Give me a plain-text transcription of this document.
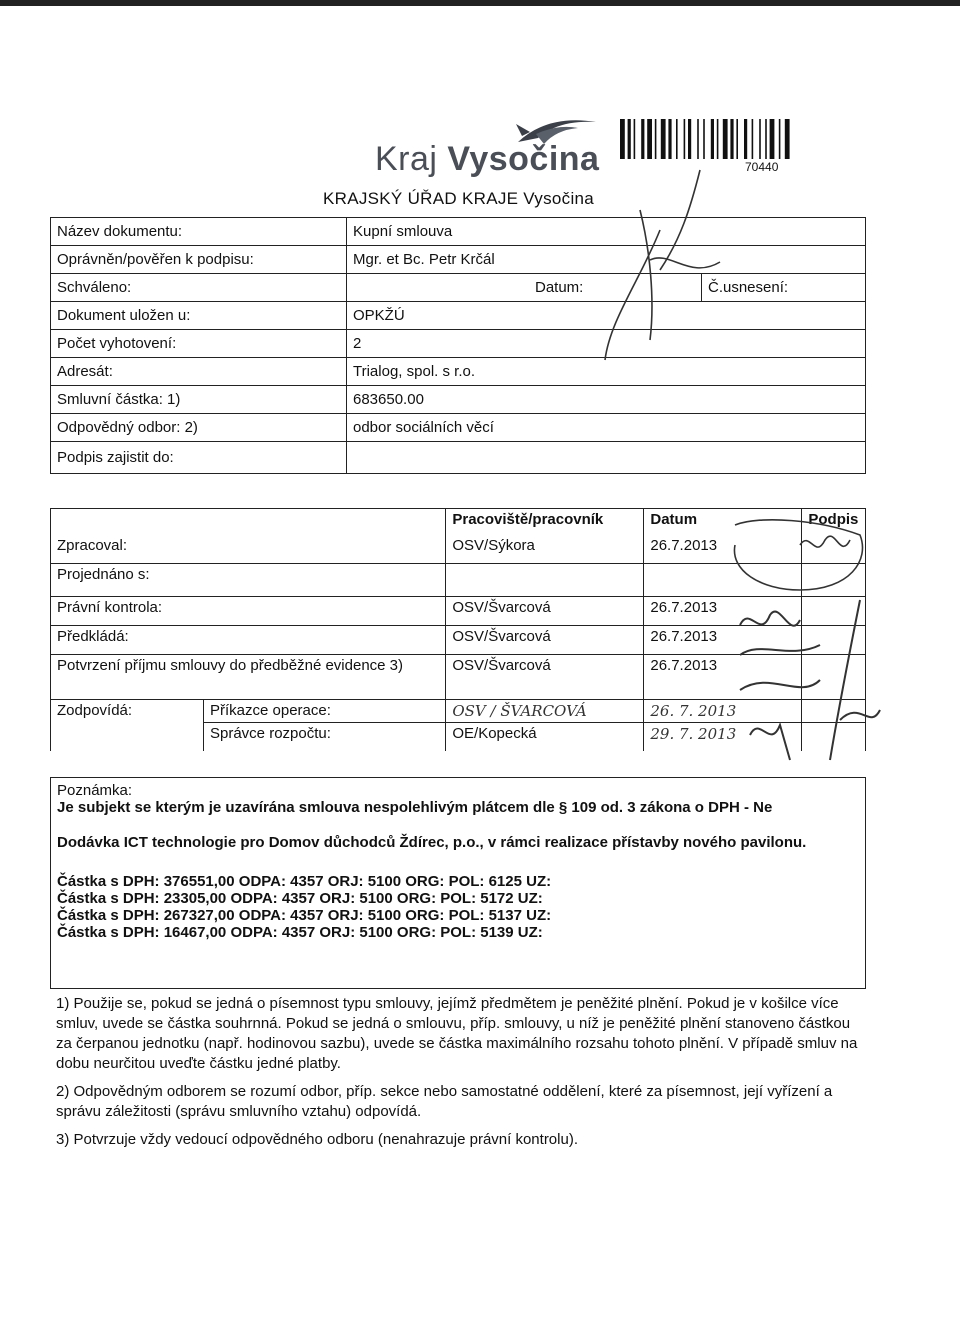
Kraj Vysočina
KRAJSKÝ ÚŘAD KRAJE Vysočina
70440
Název dokumentu:	Kupní smlouva		
Oprávněn/pověřen k podpisu:	Mgr. et Bc. Petr Krčál		
Schváleno:		Datum:	Č.usnesení:
Dokument uložen u:	OPKŽÚ		
Počet vyhotovení:	2		
Adresát:	Trialog, spol. s r.o.		
Smluvní částka: 1)	683650.00		
Odpovědný odbor: 2)	odbor sociálních věcí		
Podpis zajistit do:			
		Pracoviště/pracovník	Datum	Podpis
Zpracoval:		OSV/Sýkora	26.7.2013	
Projednáno s:				
Právní kontrola:		OSV/Švarcová	26.7.2013	
Předkládá:		OSV/Švarcová	26.7.2013	
Potvrzení příjmu smlouvy do předběžné evidence 3)		OSV/Švarcová	26.7.2013	
Zodpovídá:	Příkazce operace:	OSV / ŠVARCOVÁ	26. 7. 2013	
	Správce rozpočtu:	OE/Kopecká	29. 7. 2013	
Poznámka:
Je subjekt se kterým je uzavírána smlouva nespolehlivým plátcem dle § 109 od. 3 zákona o DPH - Ne
Dodávka ICT technologie pro Domov důchodců Ždírec, p.o., v rámci realizace přístavby nového pavilonu.
Částka s DPH: 376551,00 ODPA: 4357 ORJ: 5100 ORG: POL: 6125 UZ:
Částka s DPH: 23305,00 ODPA: 4357 ORJ: 5100 ORG: POL: 5172 UZ:
Částka s DPH: 267327,00 ODPA: 4357 ORJ: 5100 ORG: POL: 5137 UZ:
Částka s DPH: 16467,00 ODPA: 4357 ORJ: 5100 ORG: POL: 5139 UZ:

1) Použije se, pokud se jedná o písemnost typu smlouvy, jejímž předmětem je peněžité plnění. Pokud je v košilce více smluv, uvede se částka souhrnná. Pokud se jedná o smlouvu, příp. smlouvy, u níž je peněžité plnění stanoveno částkou za čerpanou jednotku (např. hodinovou sazbu), uvede se částka maximálního rozsahu tohoto plnění. V případě smluv na dobu neurčitou uveďte částku jedné platby.

2) Odpovědným odborem se rozumí odbor, příp. sekce nebo samostatné oddělení, které za písemnost, její vyřízení a správu záležitosti (správu smluvního vztahu) odpovídá.

3) Potvrzuje vždy vedoucí odpovědného odboru (nenahrazuje právní kontrolu).
